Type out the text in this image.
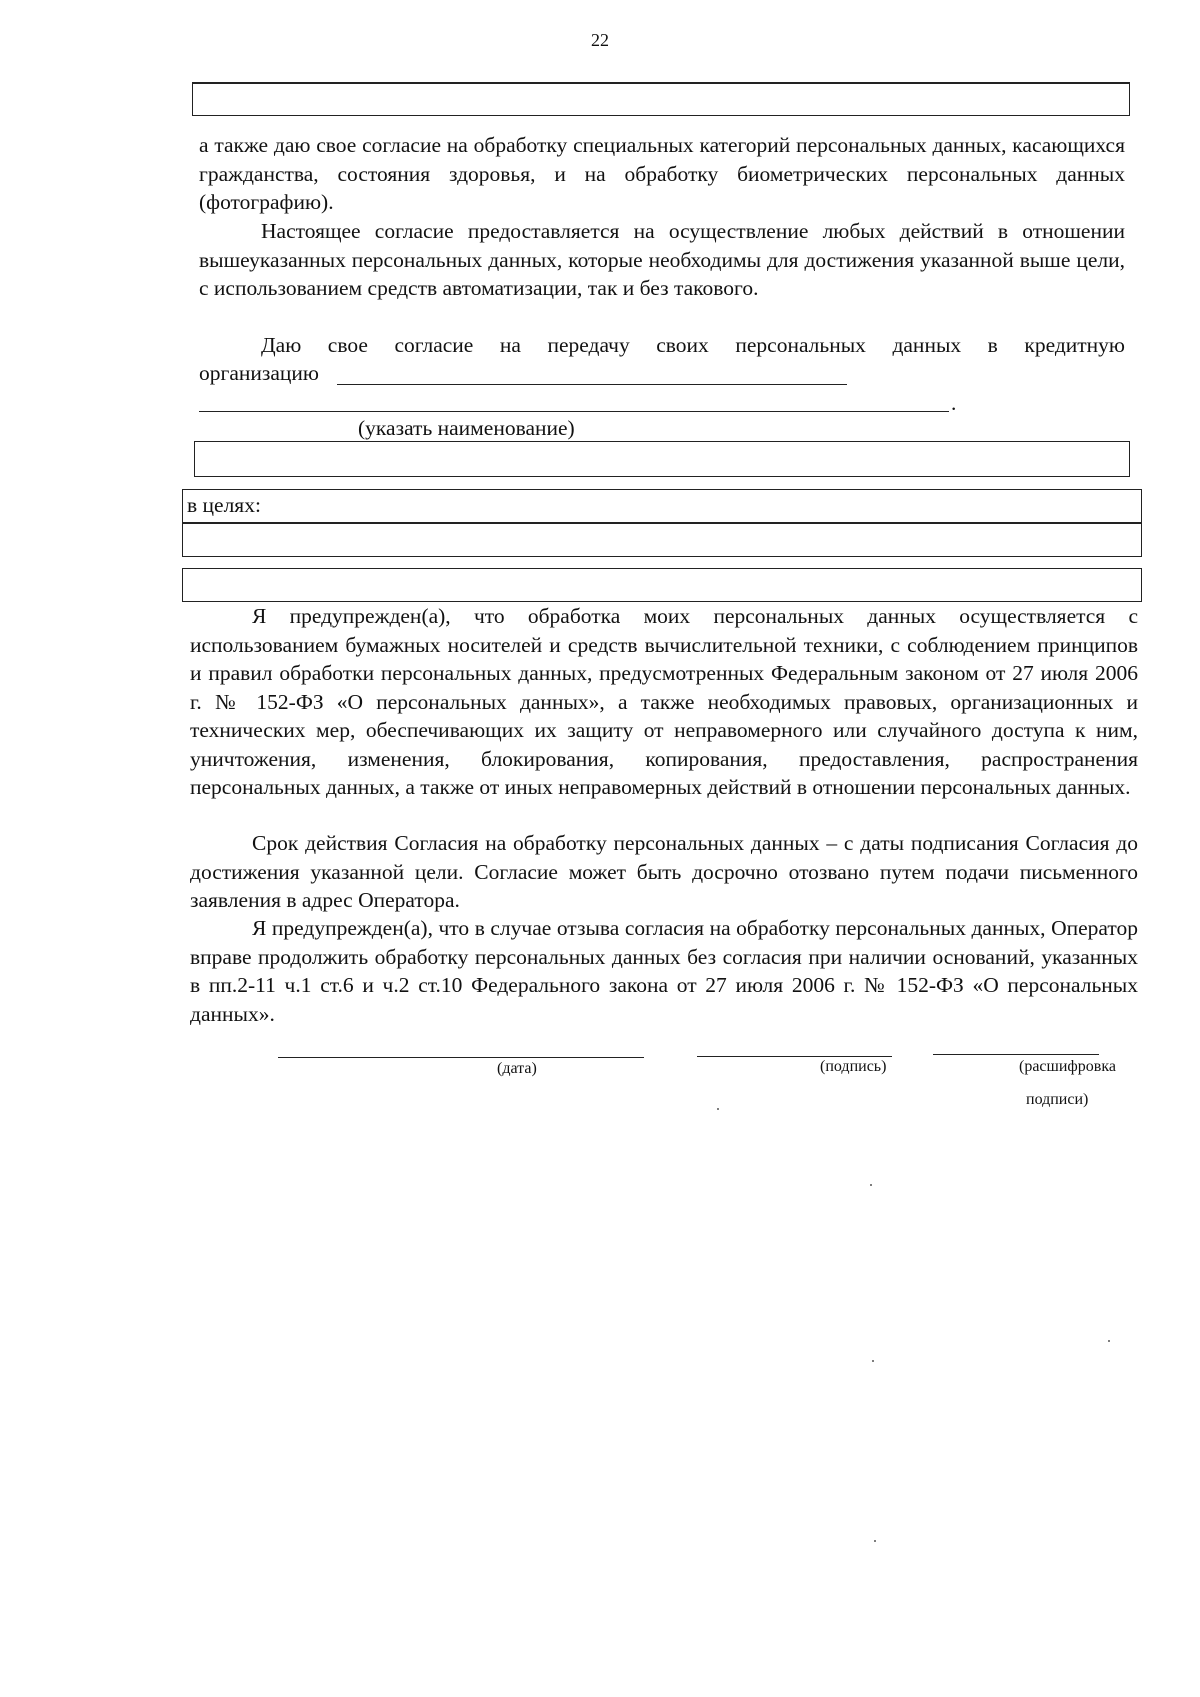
22

а также даю свое согласие на обработку специальных категорий персональных данных, касающихся гражданства, состояния здоровья, и на обработку биометрических персональных данных (фотографию).

Настоящее согласие предоставляется на осуществление любых действий в отношении вышеуказанных персональных данных, которые необходимы для достижения указанной выше цели, с использованием средств автоматизации, так и без такового.

Даю свое согласие на передачу своих персональных данных в кредитную

организацию
.
(указать наименование)
в целях:

Я предупрежден(а), что обработка моих персональных данных осуществляется с использованием бумажных носителей и средств вычислительной техники, с соблюдением принципов и правил обработки персональных данных, предусмотренных Федеральным законом от 27 июля 2006 г. № 152-ФЗ «О персональных данных», а также необходимых правовых, организационных и технических мер, обеспечивающих их защиту от неправомерного или случайного доступа к ним, уничтожения, изменения, блокирования, копирования, предоставления, распространения персональных данных, а также от иных неправомерных действий в отношении персональных данных.

Срок действия Согласия на обработку персональных данных – с даты подписания Согласия до достижения указанной цели. Согласие может быть досрочно отозвано путем подачи письменного заявления в адрес Оператора.

Я предупрежден(а), что в случае отзыва согласия на обработку персональных данных, Оператор вправе продолжить обработку персональных данных без согласия при наличии оснований, указанных в пп.2-11 ч.1 ст.6 и ч.2 ст.10 Федерального закона от 27 июля 2006 г. № 152-ФЗ «О персональных данных».

(дата)	(подпись)	(расшифровка
подписи)
